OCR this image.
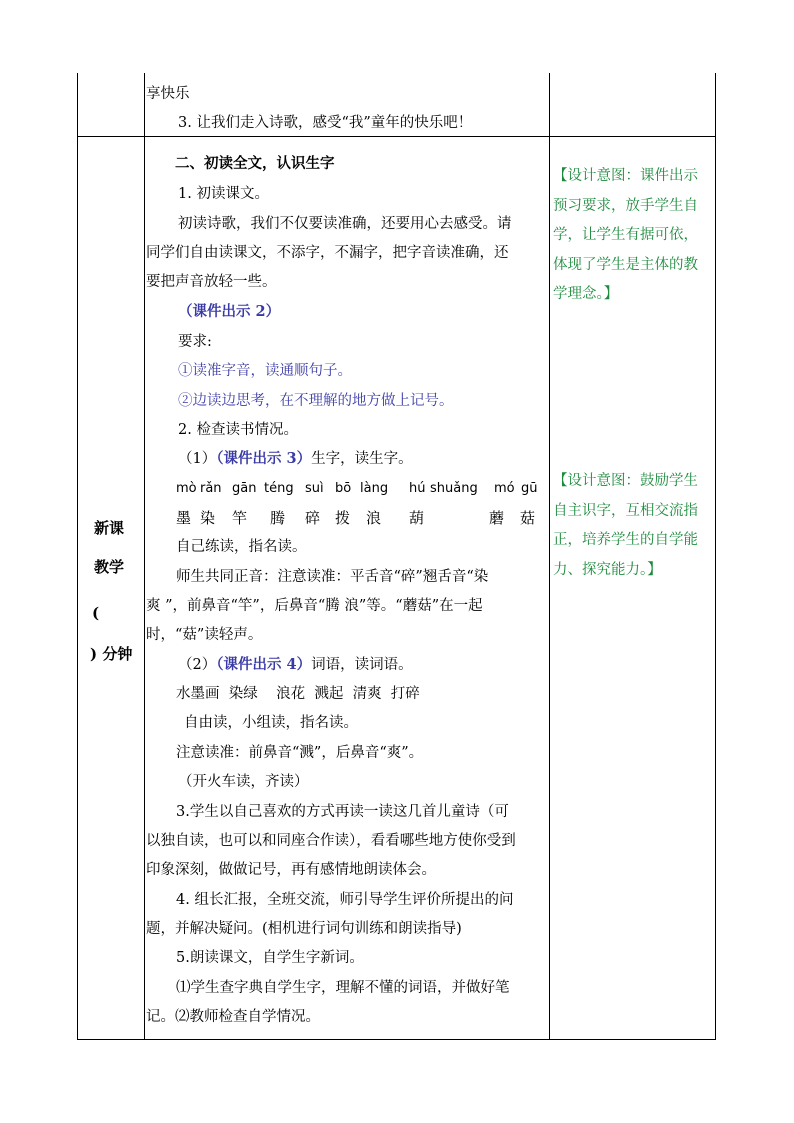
享快乐
3. 让我们走入诗歌，感受“我”童年的快乐吧！
新课
教学
(
) 分钟
二、初读全文，认识生字
1. 初读课文。
初读诗歌，我们不仅要读准确，还要用心去感受。请
同学们自由读课文，不添字，不漏字，把字音读准确，还
要把声音放轻一些。
（课件出示 2）
要求:
①读准字音，读通顺句子。
②边读边思考，在不理解的地方做上记号。
2. 检查读书情况。
（1）（课件出示 3）生字，读生字。
mò rǎn gān téng suì bō làng hú shuǎng mó gū
墨 染 竿 腾 碎 拨 浪 葫	蘑 菇
自己练读，指名读。
师生共同正音：注意读准：平舌音“碎”翘舌音“染
爽 ”，前鼻音“竿”，后鼻音“腾 浪”等。“蘑菇”在一起
时，“菇”读轻声。
（2）（课件出示 4）词语，读词语。
水墨画  染绿    浪花  溅起  清爽  打碎
自由读，小组读，指名读。
注意读准：前鼻音“溅”，后鼻音“爽”。
（开火车读，齐读）
3.学生以自己喜欢的方式再读一读这几首儿童诗（可
以独自读，也可以和同座合作读），看看哪些地方使你受到
印象深刻，做做记号，再有感情地朗读体会。
4. 组长汇报，全班交流，师引导学生评价所提出的问
题，并解决疑问。(相机进行词句训练和朗读指导)
5.朗读课文，自学生字新词。
⑴学生查字典自学生字，理解不懂的词语，并做好笔
记。⑵教师检查自学情况。
【设计意图：课件出示
预习要求，放手学生自
学，让学生有据可依，
体现了学生是主体的教
学理念。】
【设计意图：鼓励学生
自主识字，互相交流指
正，培养学生的自学能
力、探究能力。】
